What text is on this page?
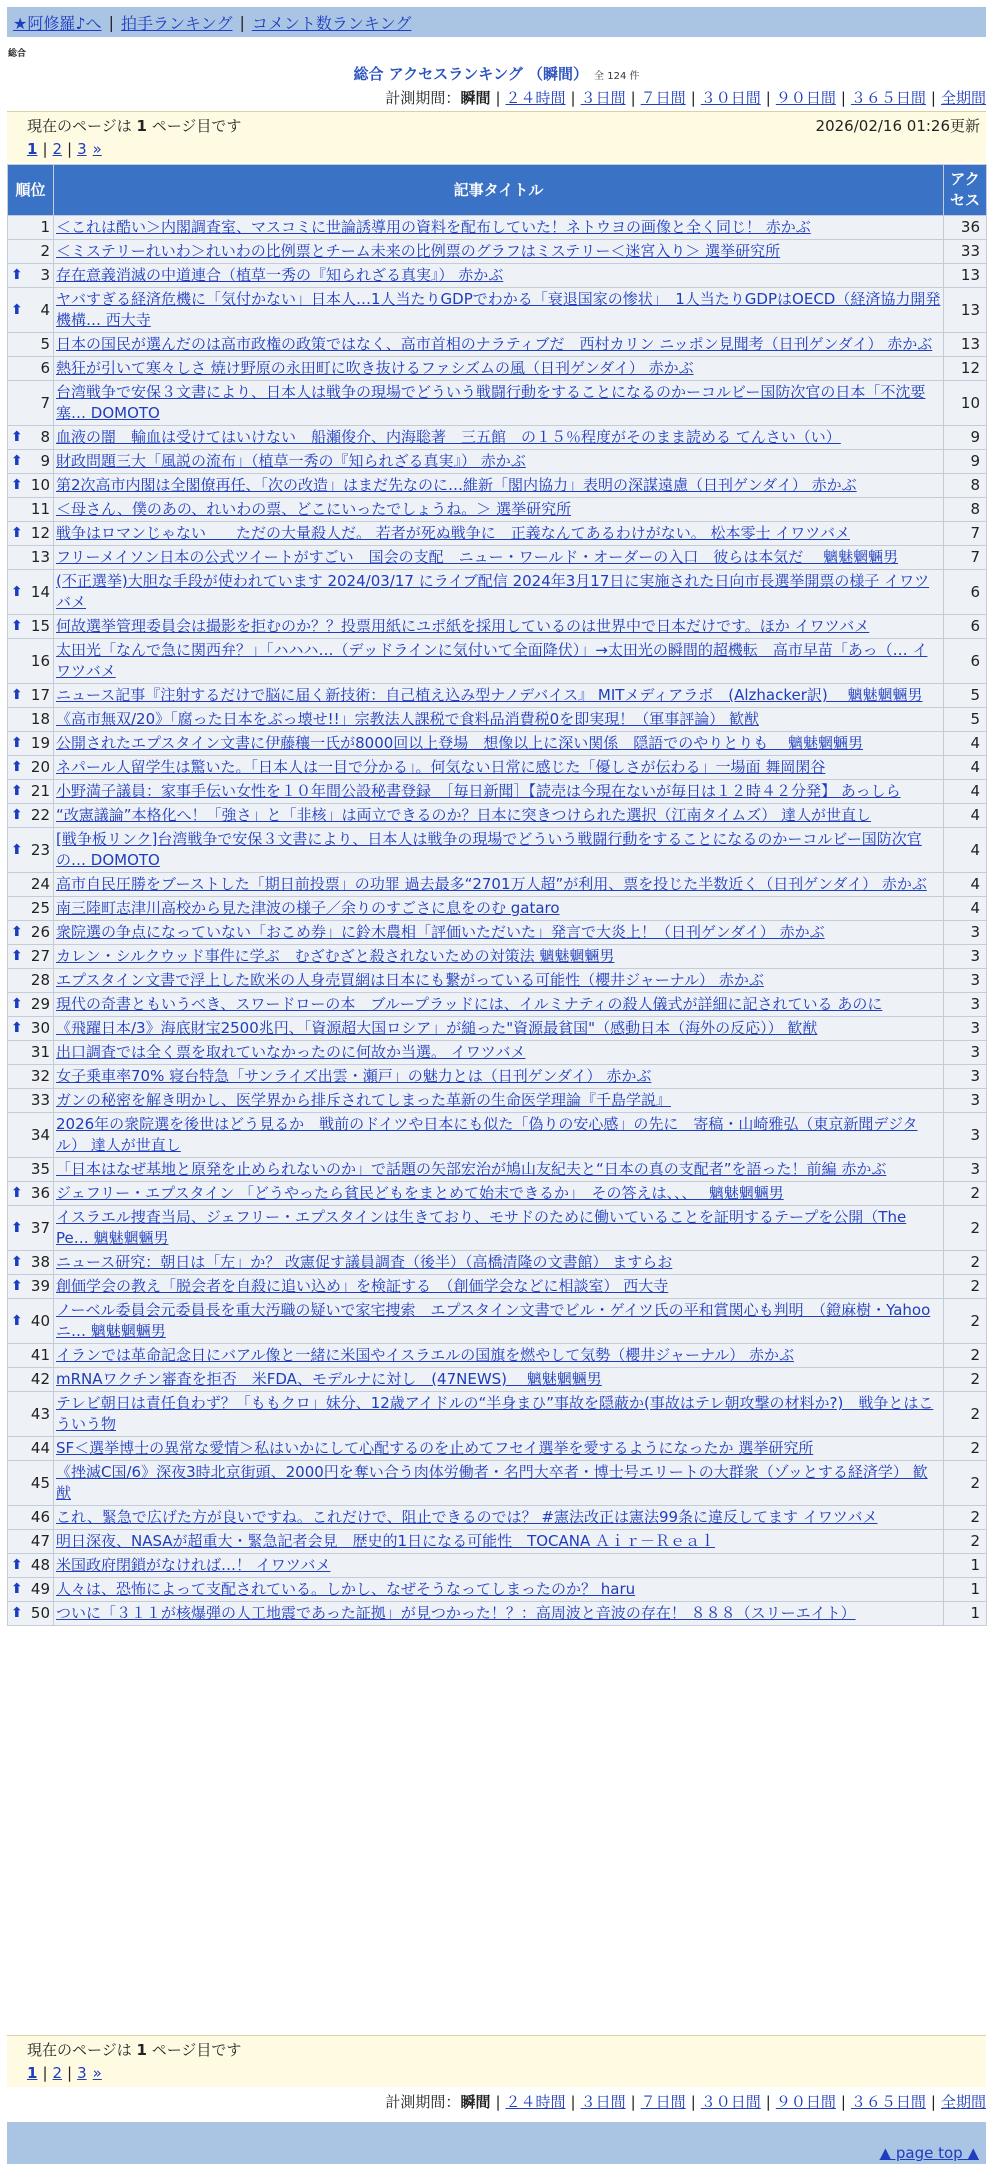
★阿修羅♪へ | 拍手ランキング | コメント数ランキング
総合
総合 アクセスランキング （瞬間） 全 124 件
計測期間：瞬間 | ２４時間 | ３日間 | ７日間 | ３０日間 | ９０日間 | ３６５日間 | 全期間
現在のページは 1 ページ目です	2026/02/16 01:26更新
1 | 2 | 3 »
順位	記事タイトル	アクセス
1	＜これは酷い＞内閣調査室、マスコミに世論誘導用の資料を配布していた！ネトウヨの画像と全く同じ！ 赤かぶ	36
2	＜ミステリーれいわ＞れいわの比例票とチーム未来の比例票のグラフはミステリー＜迷宮入り＞ 選挙研究所	33

⬆ 3	存在意義消滅の中道連合（植草一秀の『知られざる真実』） 赤かぶ	13

⬆ 4	ヤバすぎる経済危機に「気付かない」日本人…1人当たりGDPでわかる「衰退国家の惨状」　1人当たりGDPはOECD（経済協力開発機構… 西大寺	13
5	日本の国民が選んだのは高市政権の政策ではなく、高市首相のナラティブだ　西村カリン ニッポン見聞考（日刊ゲンダイ） 赤かぶ	13
6	熱狂が引いて寒々しさ 焼け野原の永田町に吹き抜けるファシズムの風（日刊ゲンダイ） 赤かぶ	12
7	台湾戦争で安保３文書により、日本人は戦争の現場でどういう戦闘行動をすることになるのかーコルビー国防次官の日本「不沈要塞… DOMOTO	10

⬆ 8	血液の闇　輸血は受けてはいけない　船瀬俊介、内海聡著　三五館　の１５％程度がそのまま読める てんさい（い）	9

⬆ 9	財政問題三大「風説の流布」（植草一秀の『知られざる真実』） 赤かぶ	9

⬆ 10	第2次高市内閣は全閣僚再任、「次の改造」はまだ先なのに…維新「閣内協力」表明の深謀遠慮（日刊ゲンダイ） 赤かぶ	8
11	＜母さん、僕のあの、れいわの票、どこにいったでしょうね。＞ 選挙研究所	8

⬆ 12	戦争はロマンじゃない　　ただの大量殺人だ。 若者が死ぬ戦争に　正義なんてあるわけがない。 松本零士 イワツバメ	7
13	フリーメイソン日本の公式ツイートがすごい　国会の支配　ニュー・ワールド・オーダーの入口　彼らは本気だ　 魑魅魍魎男	7

⬆ 14	(不正選挙)大胆な手段が使われています 2024/03/17 にライブ配信 2024年3月17日に実施された日向市長選挙開票の様子 イワツバメ	6

⬆ 15	何故選挙管理委員会は撮影を拒むのか？？投票用紙にユポ紙を採用しているのは世界中で日本だけです。ほか イワツバメ	6
16	太田光「なんで急に関西弁？」「ハハハ…（デッドラインに気付いて全面降伏）」→太田光の瞬間的超機転　高市早苗「あっ（… イワツバメ	6

⬆ 17	ニュース記事『注射するだけで脳に届く新技術：自己植え込み型ナノデバイス』 MITメディアラボ　(Alzhacker訳)　 魑魅魍魎男	5
18	《高市無双/20》「腐った日本をぶっ壊せ!!」宗教法人課税で食料品消費税0を即実現！（軍事評論） 歓猷	5

⬆ 19	公開されたエプスタイン文書に伊藤穰一氏が8000回以上登場　想像以上に深い関係　隠語でのやりとりも　 魑魅魍魎男	4

⬆ 20	ネパール人留学生は驚いた。「日本人は一目で分かる」。何気ない日常に感じた「優しさが伝わる」一場面 舞岡閑谷	4

⬆ 21	小野満子議員：家事手伝い女性を１０年間公設秘書登録　［毎日新聞］【読売は今現在ないが毎日は１２時４２分発】 あっしら	4

⬆ 22	“改憲議論”本格化へ！「強さ」と「非核」は両立できるのか？日本に突きつけられた選択（江南タイムズ） 達人が世直し	4

⬆ 23	[戦争板リンク]台湾戦争で安保３文書により、日本人は戦争の現場でどういう戦闘行動をすることになるのかーコルビー国防次官の… DOMOTO	4
24	高市自民圧勝をブーストした「期日前投票」の功罪 過去最多“2701万人超”が利用、票を投じた半数近く（日刊ゲンダイ） 赤かぶ	4
25	南三陸町志津川高校から見た津波の様子／余りのすごさに息をのむ gataro	4

⬆ 26	衆院選の争点になっていない「おこめ券」に鈴木農相「評価いただいた」発言で大炎上！（日刊ゲンダイ） 赤かぶ	3

⬆ 27	カレン・シルクウッド事件に学ぶ　むざむざと殺されないための対策法 魑魅魍魎男	3
28	エプスタイン文書で浮上した欧米の人身売買網は日本にも繋がっている可能性（櫻井ジャーナル） 赤かぶ	3

⬆ 29	現代の奇書ともいうべき、スワードローの本　ブループラッドには、イルミナティの殺人儀式が詳細に記されている あのに	3

⬆ 30	《飛躍日本/3》海底財宝2500兆円、「資源超大国ロシア」が縋った"資源最貧国"（感動日本（海外の反応）） 歓猷	3
31	出口調査では全く票を取れていなかったのに何故か当選。 イワツバメ	3
32	女子乗車率70% 寝台特急「サンライズ出雲・瀬戸」の魅力とは（日刊ゲンダイ） 赤かぶ	3
33	ガンの秘密を解き明かし、医学界から排斥されてしまった革新の生命医学理論『千島学説』	3
34	2026年の衆院選を後世はどう見るか　戦前のドイツや日本にも似た「偽りの安心感」の先に　寄稿・山崎雅弘（東京新聞デジタル） 達人が世直し	3
35	「日本はなぜ基地と原発を止められないのか」で話題の矢部宏治が鳩山友紀夫と“日本の真の支配者”を語った！前編 赤かぶ	3

⬆ 36	ジェフリー・エプスタイン 「どうやったら貧民どもをまとめて始末できるか」　その答えは、、、　 魑魅魍魎男	2

⬆ 37	イスラエル捜査当局、ジェフリー・エプスタインは生きており、モサドのために働いていることを証明するテープを公開（The Pe… 魑魅魍魎男	2

⬆ 38	ニュース研究：朝日は「左」か？ 改憲促す議員調査（後半）（高橋清隆の文書館） ますらお	2

⬆ 39	創価学会の教え「脱会者を自殺に追い込め」を検証する　（創価学会などに相談室） 西大寺	2

⬆ 40	ノーベル委員会元委員長を重大汚職の疑いで家宅捜索　エプスタイン文書でビル・ゲイツ氏の平和賞関心も判明　（鐙麻樹・Yahooニ… 魑魅魍魎男	2
41	イランでは革命記念日にバアル像と一緒に米国やイスラエルの国旗を燃やして気勢（櫻井ジャーナル） 赤かぶ	2
42	mRNAワクチン審査を拒否　米FDA、モデルナに対し　(47NEWS)　 魑魅魍魎男	2
43	テレビ朝日は責任負わず？「ももクロ」妹分、12歳アイドルの“半身まひ”事故を隠蔽か(事故はテレ朝攻撃の材料か?)　戦争とはこういう物	2
44	SF＜選挙博士の異常な愛情＞私はいかにして心配するのを止めてフセイ選挙を愛するようになったか 選挙研究所	2
45	《挫滅C国/6》深夜3時北京街頭、2000円を奪い合う肉体労働者・名門大卒者・博士号エリートの大群衆（ゾッとする経済学） 歓猷	2
46	これ、緊急で広げた方が良いですね。これだけで、阻止できるのでは？ #憲法改正は憲法99条に違反してます イワツバメ	2
47	明日深夜、NASAが超重大・緊急記者会見　歴史的1日になる可能性　TOCANA Ａｉｒ－Ｒｅａｌ	2

⬆ 48	米国政府閉鎖がなければ…！ イワツバメ	1

⬆ 49	人々は、恐怖によって支配されている。しかし、なぜそうなってしまったのか？ haru	1

⬆ 50	ついに「３１１が核爆弾の人工地震であった証拠」が見つかった！？：高周波と音波の存在！ ８８８（スリーエイト）	1
現在のページは 1 ページ目です
1 | 2 | 3 »
計測期間：瞬間 | ２４時間 | ３日間 | ７日間 | ３０日間 | ９０日間 | ３６５日間 | 全期間
▲ page top ▲
